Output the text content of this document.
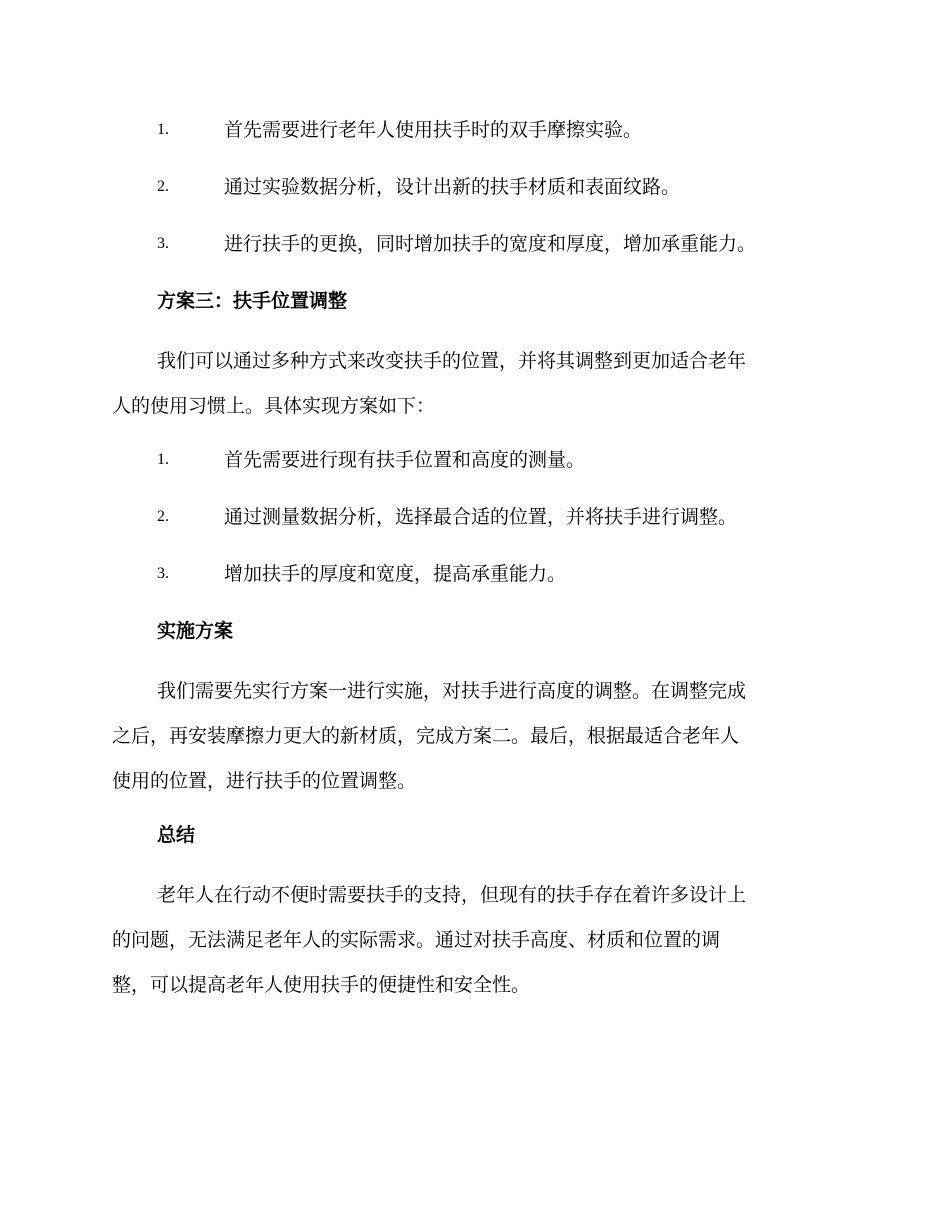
1.	首先需要进行老年人使用扶手时的双手摩擦实验。
2.	通过实验数据分析，设计出新的扶手材质和表面纹路。
3.	进行扶手的更换，同时增加扶手的宽度和厚度，增加承重能力。
方案三：扶手位置调整

我们可以通过多种方式来改变扶手的位置，并将其调整到更加适合老年
人的使用习惯上。具体实现方案如下：

1.	首先需要进行现有扶手位置和高度的测量。
2.	通过测量数据分析，选择最合适的位置，并将扶手进行调整。
3.	增加扶手的厚度和宽度，提高承重能力。
实施方案

我们需要先实行方案一进行实施，对扶手进行高度的调整。在调整完成
之后，再安装摩擦力更大的新材质，完成方案二。最后，根据最适合老年人
使用的位置，进行扶手的位置调整。

总结

老年人在行动不便时需要扶手的支持，但现有的扶手存在着许多设计上
的问题，无法满足老年人的实际需求。通过对扶手高度、材质和位置的调
整，可以提高老年人使用扶手的便捷性和安全性。
